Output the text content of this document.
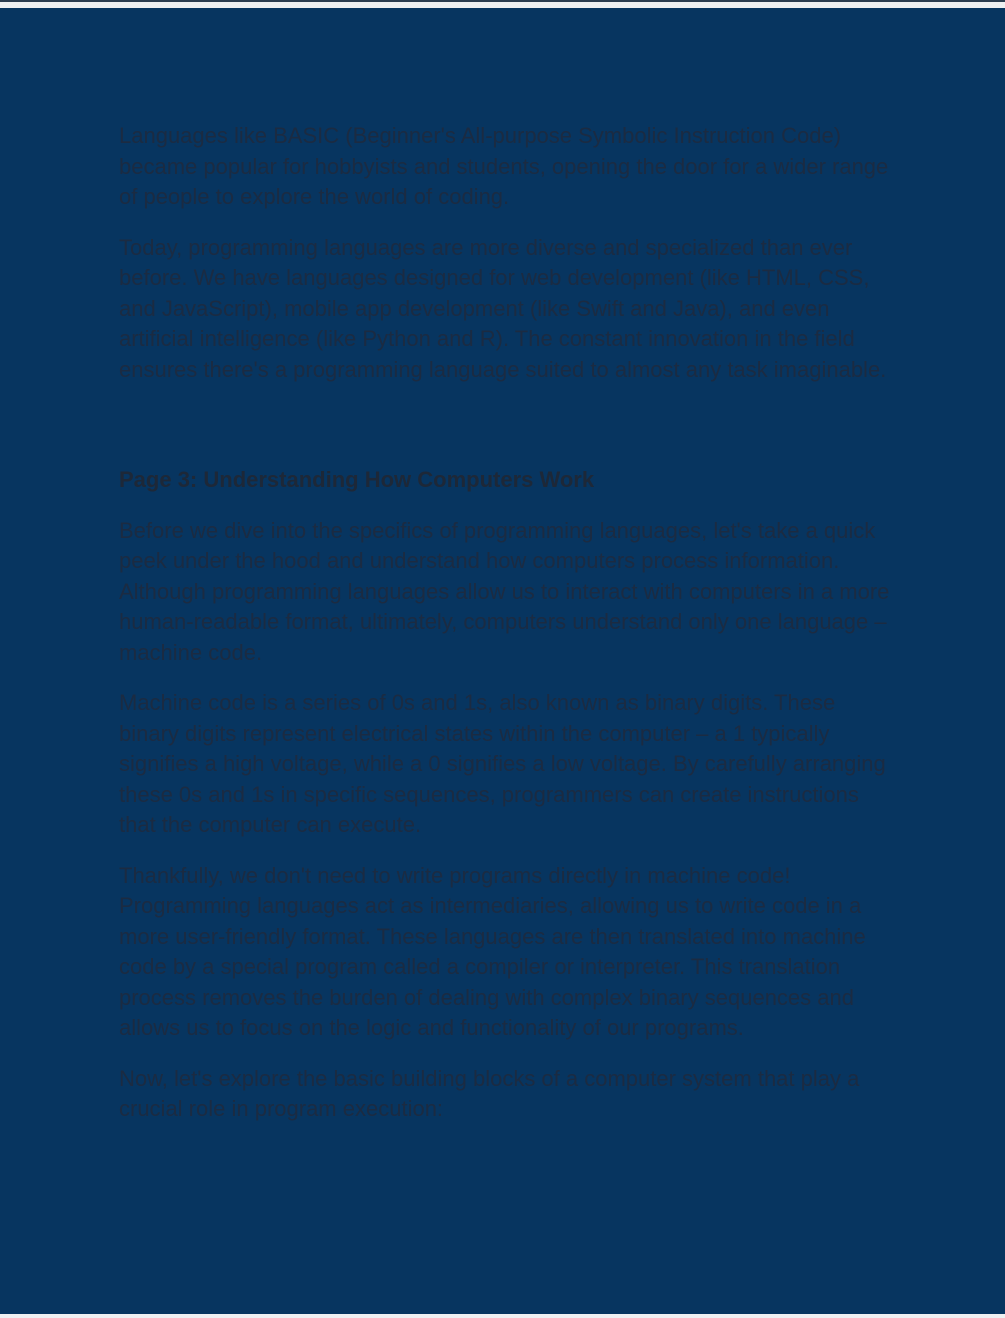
Languages like BASIC (Beginner's All-purpose Symbolic Instruction Code) became popular for hobbyists and students, opening the door for a wider range of people to explore the world of coding.

Today, programming languages are more diverse and specialized than ever before. We have languages designed for web development (like HTML, CSS, and JavaScript), mobile app development (like Swift and Java), and even artificial intelligence (like Python and R). The constant innovation in the field ensures there's a programming language suited to almost any task imaginable.

Page 3: Understanding How Computers Work

Before we dive into the specifics of programming languages, let's take a quick peek under the hood and understand how computers process information. Although programming languages allow us to interact with computers in a more human-readable format, ultimately, computers understand only one language – machine code.

Machine code is a series of 0s and 1s, also known as binary digits. These binary digits represent electrical states within the computer – a 1 typically signifies a high voltage, while a 0 signifies a low voltage. By carefully arranging these 0s and 1s in specific sequences, programmers can create instructions that the computer can execute.

Thankfully, we don't need to write programs directly in machine code! Programming languages act as intermediaries, allowing us to write code in a more user-friendly format. These languages are then translated into machine code by a special program called a compiler or interpreter. This translation process removes the burden of dealing with complex binary sequences and allows us to focus on the logic and functionality of our programs.

Now, let's explore the basic building blocks of a computer system that play a crucial role in program execution:
